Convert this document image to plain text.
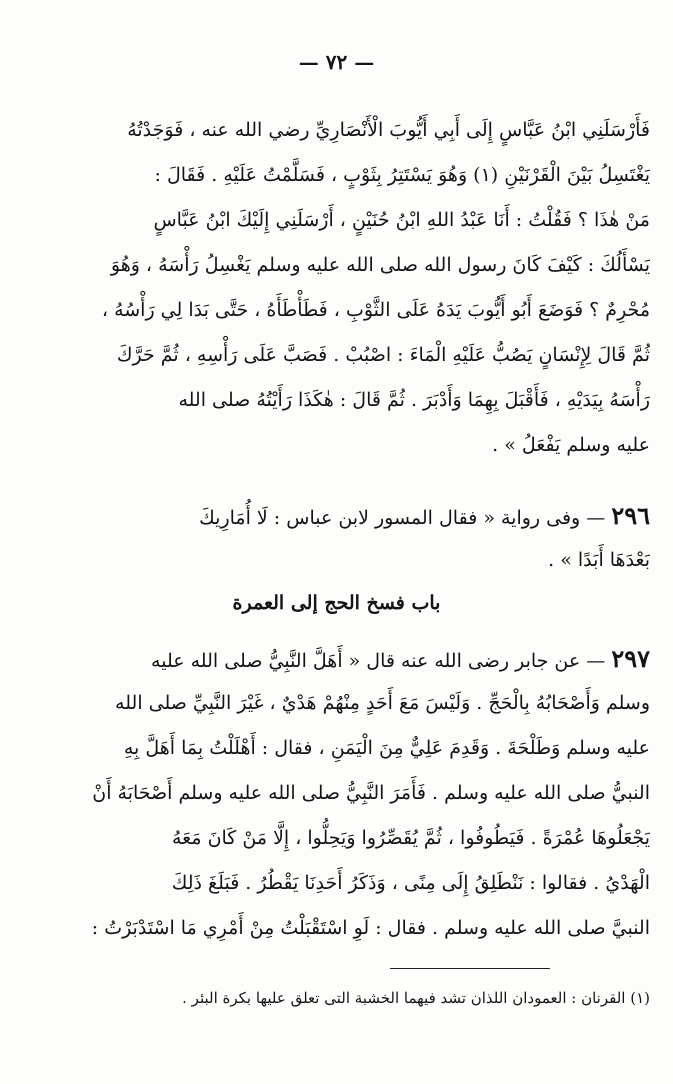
— ٧٢ —
فَأَرْسَلَنِي ابْنُ عَبَّاسٍ إِلَى أَبِي أَيُّوبَ الْأَنْصَارِيِّ رضي الله عنه ، فَوَجَدْتُهُ
يَغْتَسِلُ بَيْنَ الْقَرْنَيْنِ (١) وَهُوَ يَسْتَتِرُ بِثَوْبٍ ، فَسَلَّمْتُ عَلَيْهِ . فَقَالَ :
مَنْ هٰذَا ؟ فَقُلْتُ : أَنَا عَبْدُ اللهِ ابْنُ حُنَيْنٍ ، أَرْسَلَنِي إِلَيْكَ ابْنُ عَبَّاسٍ
يَسْأَلُكَ : كَيْفَ كَانَ رسول الله صلى الله عليه وسلم يَغْسِلُ رَأْسَهُ ، وَهُوَ
مُحْرِمٌ ؟ فَوَضَعَ أَبُو أَيُّوبَ يَدَهُ عَلَى الثَّوْبِ ، فَطَأْطَأَهُ ، حَتَّى بَدَا لِي رَأْسُهُ ،
ثُمَّ قَالَ لِإِنْسَانٍ يَصُبُّ عَلَيْهِ الْمَاءَ : اصْبُبْ . فَصَبَّ عَلَى رَأْسِهِ ، ثُمَّ حَرَّكَ
رَأْسَهُ بِيَدَيْهِ ، فَأَقْبَلَ بِهِمَا وَأَدْبَرَ . ثُمَّ قَالَ : هٰكَذَا رَأَيْتُهُ صلى الله
عليه وسلم يَفْعَلُ » .
٢٩٦ — وفى رواية « فقال المسور لابن عباس : لَا أُمَارِيكَ
بَعْدَهَا أَبَدًا » .
باب فسخ الحج إلى العمرة
٢٩٧ — عن جابر رضى الله عنه قال « أَهَلَّ النَّبِيُّ صلى الله عليه
وسلم وَأَصْحَابُهُ بِالْحَجِّ . وَلَيْسَ مَعَ أَحَدٍ مِنْهُمْ هَدْيٌ ، غَيْرَ النَّبِيِّ صلى الله
عليه وسلم وَطَلْحَةَ . وَقَدِمَ عَلِيٌّ مِنَ الْيَمَنِ ، فقال : أَهْلَلْتُ بِمَا أَهَلَّ بِهِ
النبيُّ صلى الله عليه وسلم . فَأَمَرَ النَّبِيُّ صلى الله عليه وسلم أَصْحَابَهُ أَنْ
يَجْعَلُوهَا عُمْرَةً . فَيَطُوفُوا ، ثُمَّ يُقَصِّرُوا وَيَحِلُّوا ، إِلَّا مَنْ كَانَ مَعَهُ
الْهَدْيُ . فقالوا : نَنْطَلِقُ إِلَى مِنًى ، وَذَكَرُ أَحَدِنَا يَقْطُرُ . فَبَلَغَ ذَلِكَ
النبيَّ صلى الله عليه وسلم . فقال : لَوِ اسْتَقْبَلْتُ مِنْ أَمْرِي مَا اسْتَدْبَرْتُ :
(١) القرنان : العمودان اللذان تشد فيهما الخشبة التى تعلق عليها بكرة البئر .
